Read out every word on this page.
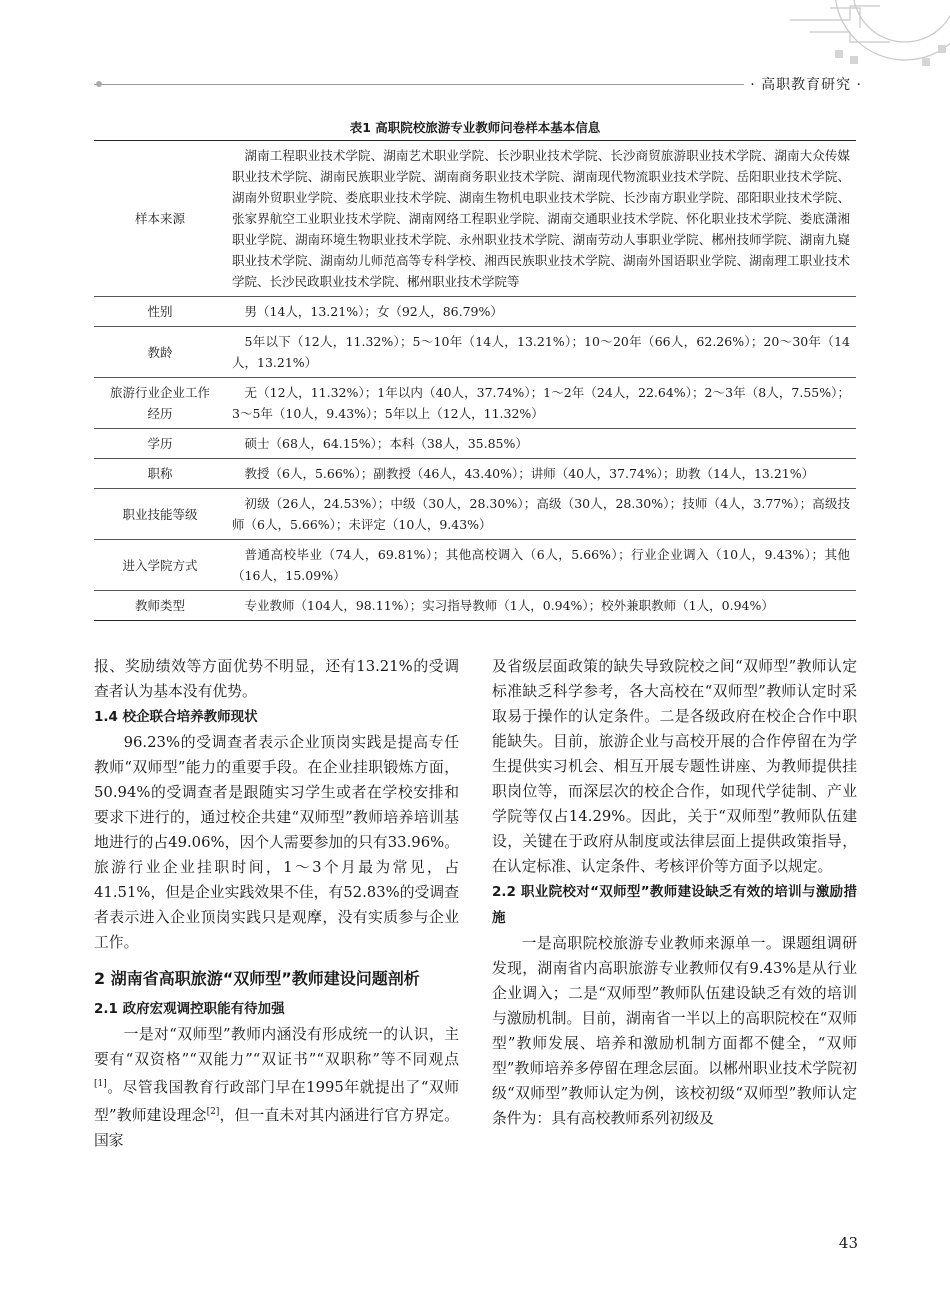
· 高职教育研究 ·
表1 高职院校旅游专业教师问卷样本基本信息
样本来源	湖南工程职业技术学院、湖南艺术职业学院、长沙职业技术学院、长沙商贸旅游职业技术学院、湖南大众传媒职业技术学院、湖南民族职业学院、湖南商务职业技术学院、湖南现代物流职业技术学院、岳阳职业技术学院、湖南外贸职业学院、娄底职业技术学院、湖南生物机电职业技术学院、长沙南方职业学院、邵阳职业技术学院、张家界航空工业职业技术学院、湖南网络工程职业学院、湖南交通职业技术学院、怀化职业技术学院、娄底潇湘职业学院、湖南环境生物职业技术学院、永州职业技术学院、湖南劳动人事职业学院、郴州技师学院、湖南九嶷职业技术学院、湖南幼儿师范高等专科学校、湘西民族职业技术学院、湖南外国语职业学院、湖南理工职业技术学院、长沙民政职业技术学院、郴州职业技术学院等
性别	男（14人，13.21%）；女（92人，86.79%）
教龄	5年以下（12人，11.32%）；5～10年（14人，13.21%）；10～20年（66人，62.26%）；20～30年（14人，13.21%）
旅游行业企业工作经历	无（12人，11.32%）；1年以内（40人，37.74%）；1～2年（24人，22.64%）；2～3年（8人，7.55%）；3～5年（10人，9.43%）；5年以上（12人，11.32%）
学历	硕士（68人，64.15%）；本科（38人，35.85%）
职称	教授（6人，5.66%）；副教授（46人，43.40%）；讲师（40人，37.74%）；助教（14人，13.21%）
职业技能等级	初级（26人，24.53%）；中级（30人，28.30%）；高级（30人，28.30%）；技师（4人，3.77%）；高级技师（6人，5.66%）；未评定（10人，9.43%）
进入学院方式	普通高校毕业（74人，69.81%）；其他高校调入（6人，5.66%）；行业企业调入（10人，9.43%）；其他（16人，15.09%）
教师类型	专业教师（104人，98.11%）；实习指导教师（1人，0.94%）；校外兼职教师（1人，0.94%）

报、奖励绩效等方面优势不明显，还有13.21%的受调查者认为基本没有优势。

1.4 校企联合培养教师现状

96.23%的受调查者表示企业顶岗实践是提高专任教师“双师型”能力的重要手段。在企业挂职锻炼方面，50.94%的受调查者是跟随实习学生或者在学校安排和要求下进行的，通过校企共建“双师型”教师培养培训基地进行的占49.06%，因个人需要参加的只有33.96%。旅游行业企业挂职时间，1～3个月最为常见，占41.51%，但是企业实践效果不佳，有52.83%的受调查者表示进入企业顶岗实践只是观摩，没有实质参与企业工作。

2 湖南省高职旅游“双师型”教师建设问题剖析
2.1 政府宏观调控职能有待加强

一是对“双师型”教师内涵没有形成统一的认识，主要有“双资格”“双能力”“双证书”“双职称”等不同观点[1]。尽管我国教育行政部门早在1995年就提出了“双师型”教师建设理念[2]，但一直未对其内涵进行官方界定。国家

及省级层面政策的缺失导致院校之间“双师型”教师认定标准缺乏科学参考，各大高校在“双师型”教师认定时采取易于操作的认定条件。二是各级政府在校企合作中职能缺失。目前，旅游企业与高校开展的合作停留在为学生提供实习机会、相互开展专题性讲座、为教师提供挂职岗位等，而深层次的校企合作，如现代学徒制、产业学院等仅占14.29%。因此，关于“双师型”教师队伍建设，关键在于政府从制度或法律层面上提供政策指导，在认定标准、认定条件、考核评价等方面予以规定。

2.2 职业院校对“双师型”教师建设缺乏有效的培训与激励措施

一是高职院校旅游专业教师来源单一。课题组调研发现，湖南省内高职旅游专业教师仅有9.43%是从行业企业调入；二是“双师型”教师队伍建设缺乏有效的培训与激励机制。目前，湖南省一半以上的高职院校在“双师型”教师发展、培养和激励机制方面都不健全，“双师型”教师培养多停留在理念层面。以郴州职业技术学院初级“双师型”教师认定为例，该校初级“双师型”教师认定条件为：具有高校教师系列初级及

43
